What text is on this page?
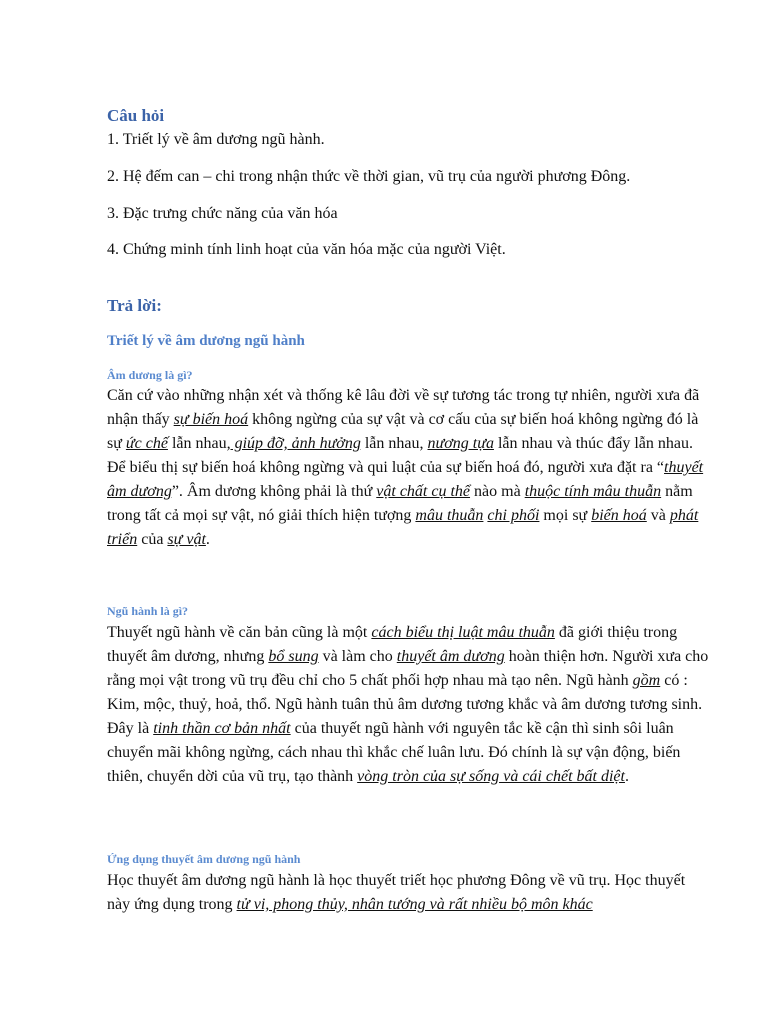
Câu hỏi
1. Triết lý về âm dương ngũ hành.
2. Hệ đếm can – chi trong nhận thức về thời gian, vũ trụ của người phương Đông.
3. Đặc trưng chức năng của văn hóa
4. Chứng minh tính linh hoạt của văn hóa mặc của người Việt.
Trả lời:
Triết lý về âm dương ngũ hành
Âm dương là gì?
Căn cứ vào những nhận xét và thống kê lâu đời về sự tương tác trong tự nhiên, người xưa đã nhận thấy sự biến hoá không ngừng của sự vật và cơ cấu của sự biến hoá không ngừng đó là sự ức chế lẫn nhau, giúp đỡ, ảnh hưởng lẫn nhau, nương tựa lẫn nhau và thúc đẩy lẫn nhau. Để biểu thị sự biến hoá không ngừng và qui luật của sự biến hoá đó, người xưa đặt ra “thuyết âm dương”. Âm dương không phải là thứ vật chất cụ thể nào mà thuộc tính mâu thuẫn nằm trong tất cả mọi sự vật, nó giải thích hiện tượng mâu thuẫn chi phối mọi sự biến hoá và phát triển của sự vật.
Ngũ hành là gì?
Thuyết ngũ hành về căn bản cũng là một cách biểu thị luật mâu thuẫn đã giới thiệu trong thuyết âm dương, nhưng bổ sung và làm cho thuyết âm dương hoàn thiện hơn. Người xưa cho rằng mọi vật trong vũ trụ đều chỉ cho 5 chất phối hợp nhau mà tạo nên. Ngũ hành gồm có : Kim, mộc, thuỷ, hoả, thổ. Ngũ hành tuân thủ âm dương tương khắc và âm dương tương sinh. Đây là tinh thần cơ bản nhất của thuyết ngũ hành với nguyên tắc kề cận thì sinh sôi luân chuyển mãi không ngừng, cách nhau thì khắc chế luân lưu. Đó chính là sự vận động, biến thiên, chuyển dời của vũ trụ, tạo thành vòng tròn của sự sống và cái chết bất diệt.
Ứng dụng thuyết âm dương ngũ hành
Học thuyết âm dương ngũ hành là học thuyết triết học phương Đông về vũ trụ. Học thuyết này ứng dụng trong tử vi, phong thủy, nhân tướng và rất nhiều bộ môn khác
